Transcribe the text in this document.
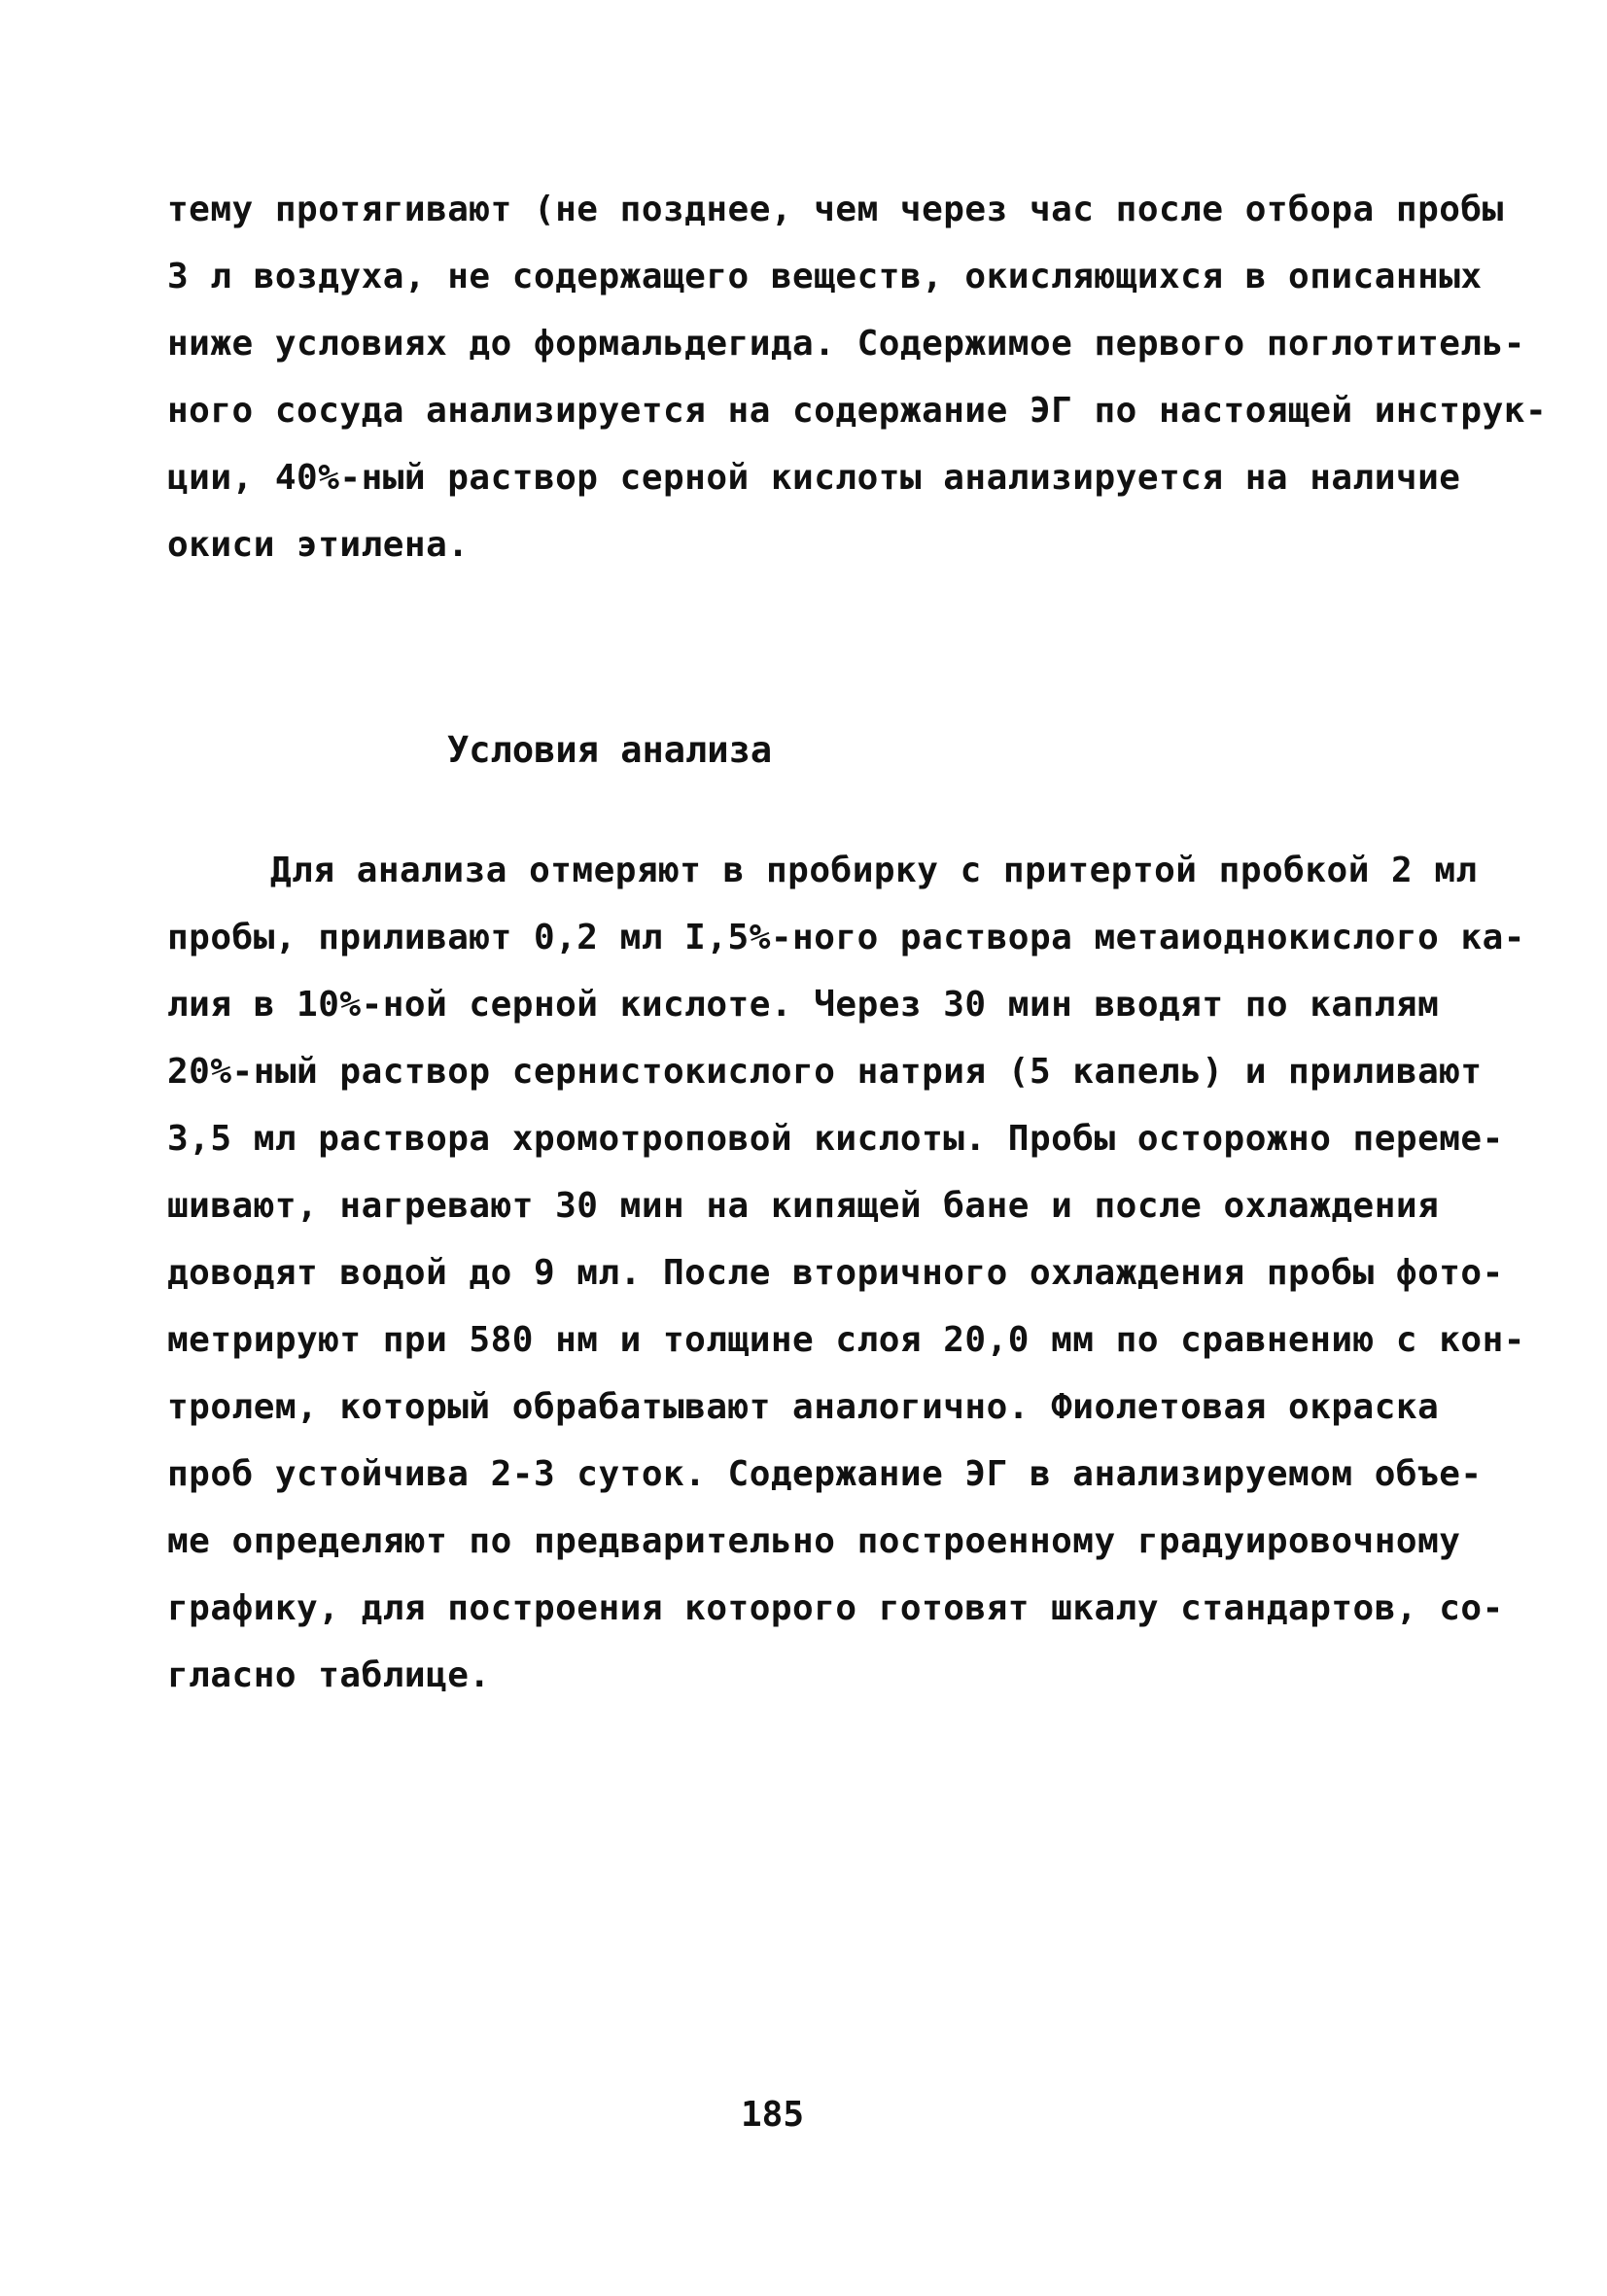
тему протягивают (не позднее, чем через час после отбора пробы
3 л воздуха, не содержащего веществ, окисляющихся в описанных
ниже условиях до формальдегида. Содержимое первого поглотитель-
ного сосуда анализируется на содержание ЭГ по настоящей инструк-
ции, 40%-ный раствор серной кислоты анализируется на наличие
окиси этилена.
Условия анализа
Для анализа отмеряют в пробирку с притертой пробкой 2 мл
пробы, приливают 0,2 мл I,5%-ного раствора метаиоднокислого ка-
лия в 10%-ной серной кислоте. Через 30 мин вводят по каплям
20%-ный раствор сернистокислого натрия (5 капель) и приливают
3,5 мл раствора хромотроповой кислоты. Пробы осторожно переме-
шивают, нагревают 30 мин на кипящей бане и после охлаждения
доводят водой до 9 мл. После вторичного охлаждения пробы фото-
метрируют при 580 нм и толщине слоя 20,0 мм по сравнению с кон-
тролем, который обрабатывают аналогично. Фиолетовая окраска
проб устойчива 2-3 суток. Содержание ЭГ в анализируемом объе-
ме определяют по предварительно построенному градуировочному
графику, для построения которого готовят шкалу стандартов, со-
гласно таблице.
185
